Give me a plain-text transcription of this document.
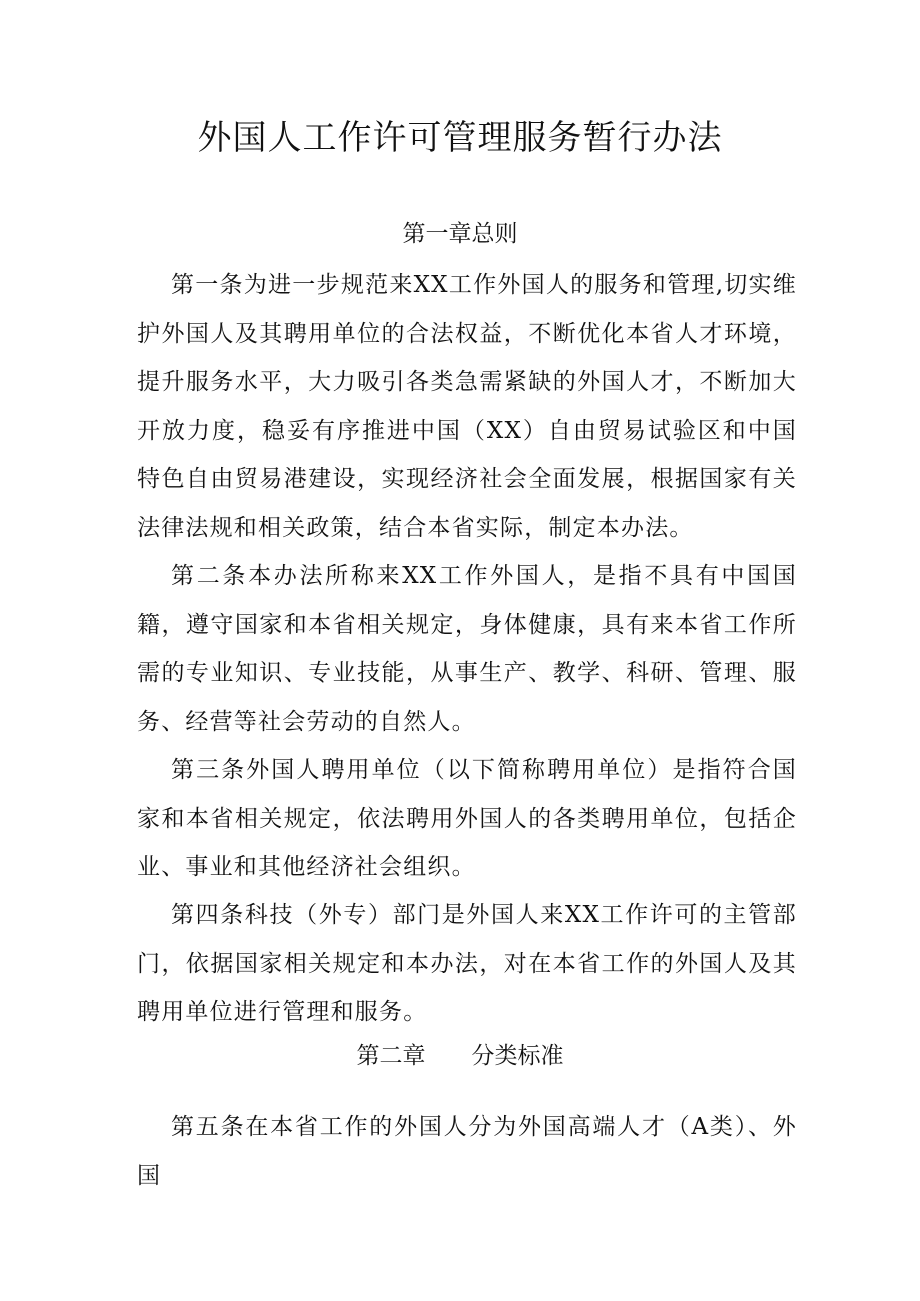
外国人工作许可管理服务暂行办法
第一章总则

第一条为进一步规范来XX工作外国人的服务和管理,切实维护外国人及其聘用单位的合法权益，不断优化本省人才环境，提升服务水平，大力吸引各类急需紧缺的外国人才，不断加大开放力度，稳妥有序推进中国（XX）自由贸易试验区和中国特色自由贸易港建设，实现经济社会全面发展，根据国家有关法律法规和相关政策，结合本省实际，制定本办法。

第二条本办法所称来XX工作外国人，是指不具有中国国籍，遵守国家和本省相关规定，身体健康，具有来本省工作所需的专业知识、专业技能，从事生产、教学、科研、管理、服务、经营等社会劳动的自然人。

第三条外国人聘用单位（以下简称聘用单位）是指符合国家和本省相关规定，依法聘用外国人的各类聘用单位，包括企业、事业和其他经济社会组织。

第四条科技（外专）部门是外国人来XX工作许可的主管部门，依据国家相关规定和本办法，对在本省工作的外国人及其聘用单位进行管理和服务。

第二章 分类标准

第五条在本省工作的外国人分为外国高端人才（A类）、外国
